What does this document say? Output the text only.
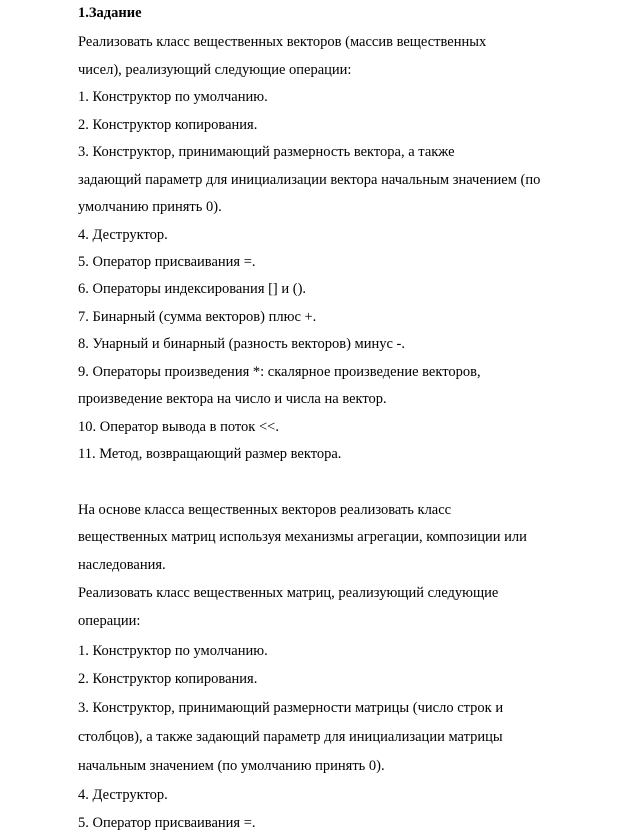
1.Задание
Реализовать класс вещественных векторов (массив вещественных
чисел), реализующий следующие операции:
1. Конструктор по умолчанию.
2. Конструктор копирования.
3. Конструктор, принимающий размерность вектора, а также
задающий параметр для инициализации вектора начальным значением (по
умолчанию принять 0).
4. Деструктор.
5. Оператор присваивания =.
6. Операторы индексирования [] и ().
7. Бинарный (сумма векторов) плюс +.
8. Унарный и бинарный (разность векторов) минус -.
9. Операторы произведения *: скалярное произведение векторов,
произведение вектора на число и числа на вектор.
10. Оператор вывода в поток <<.
11. Метод, возвращающий размер вектора.
На основе класса вещественных векторов реализовать класс
вещественных матриц используя механизмы агрегации, композиции или
наследования.
Реализовать класс вещественных матриц, реализующий следующие
операции:
1. Конструктор по умолчанию.
2. Конструктор копирования.
3. Конструктор, принимающий размерности матрицы (число строк и
столбцов), а также задающий параметр для инициализации матрицы
начальным значением (по умолчанию принять 0).
4. Деструктор.
5. Оператор присваивания =.
